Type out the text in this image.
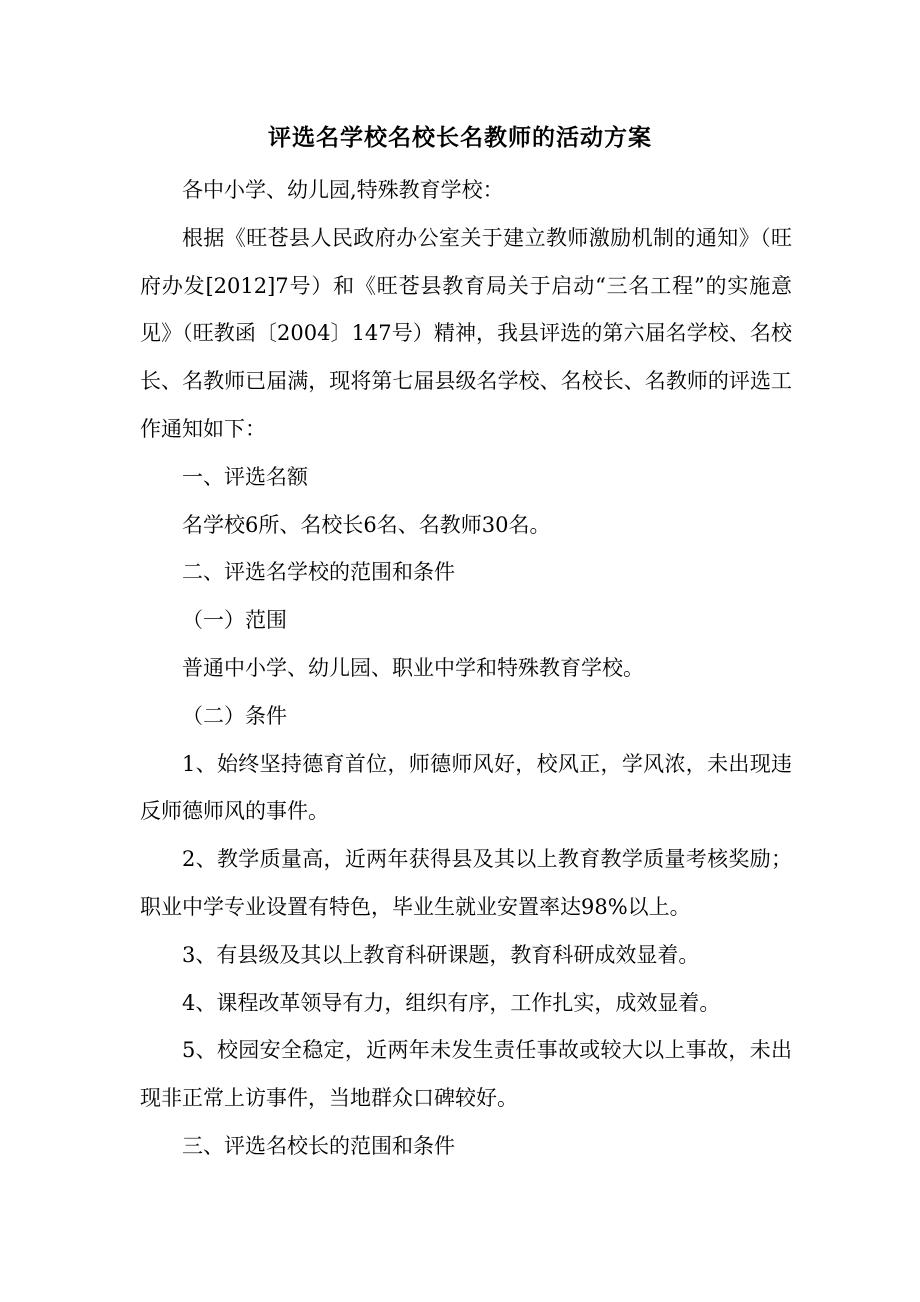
评选名学校名校长名教师的活动方案

各中小学、幼儿园,特殊教育学校：

根据《旺苍县人民政府办公室关于建立教师激励机制的通知》（旺府办发[2012]7号）和《旺苍县教育局关于启动“三名工程”的实施意见》（旺教函〔2004〕147号）精神，我县评选的第六届名学校、名校长、名教师已届满，现将第七届县级名学校、名校长、名教师的评选工作通知如下：

一、评选名额

名学校6所、名校长6名、名教师30名。

二、评选名学校的范围和条件

（一）范围

普通中小学、幼儿园、职业中学和特殊教育学校。

（二）条件

1、始终坚持德育首位，师德师风好，校风正，学风浓，未出现违反师德师风的事件。

2、教学质量高，近两年获得县及其以上教育教学质量考核奖励；职业中学专业设置有特色，毕业生就业安置率达98%以上。

3、有县级及其以上教育科研课题，教育科研成效显着。

4、课程改革领导有力，组织有序，工作扎实，成效显着。

5、校园安全稳定，近两年未发生责任事故或较大以上事故，未出现非正常上访事件，当地群众口碑较好。

三、评选名校长的范围和条件
